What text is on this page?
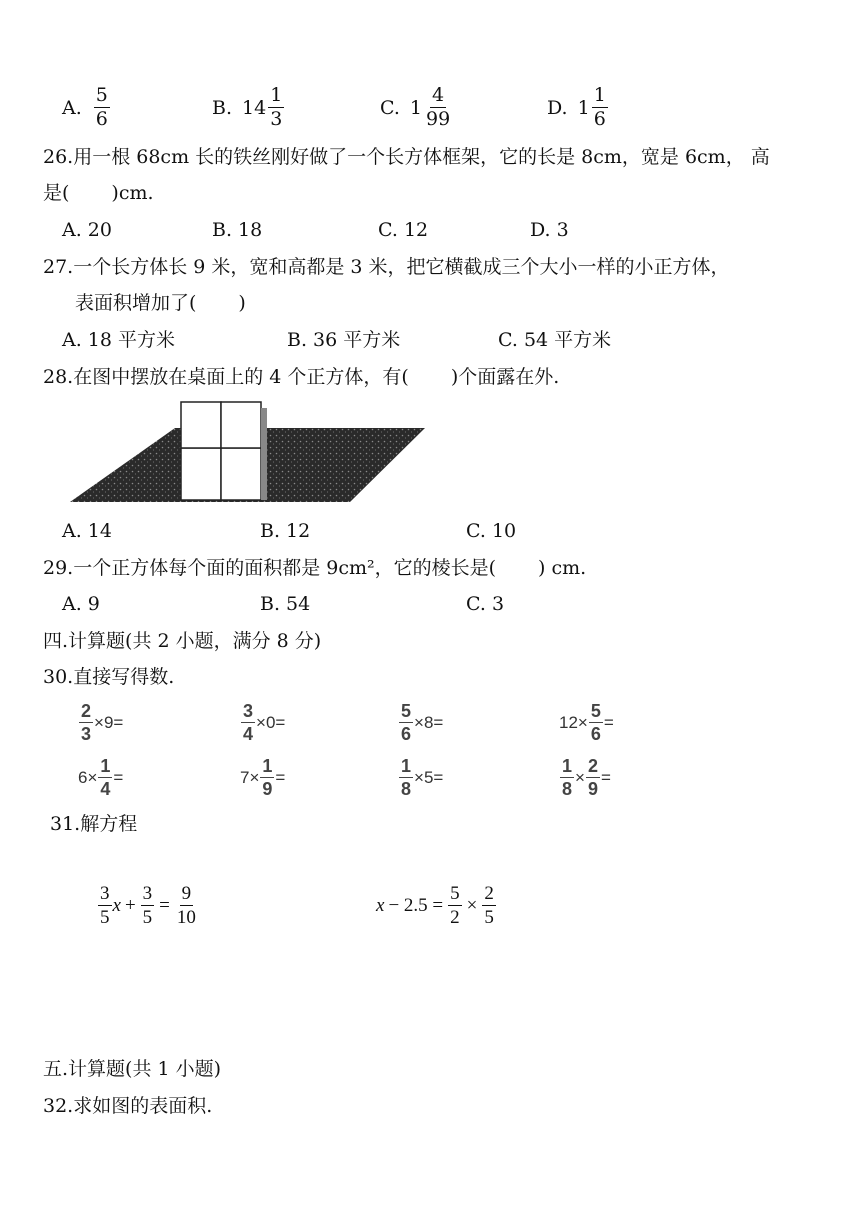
A. $\frac{5}{6}$	B. $14 \frac{1}{3}$	C. $1 \frac{4}{99}$	D. $1 \frac{1}{6}$
26.用一根 68cm 长的铁丝刚好做了一个长方体框架，它的长是 8cm，宽是 6cm， 高
是( )cm.
A. 20	B. 18	C. 12	D. 3
27.一个长方体长 9 米，宽和高都是 3 米，把它横截成三个大小一样的小正方体，
表面积增加了( )
A. 18 平方米	B. 36 平方米	C. 54 平方米
28.在图中摆放在桌面上的 4 个正方体，有( )个面露在外.
A. 14	B. 12	C. 10
29.一个正方体每个面的面积都是 9cm²，它的棱长是( ) cm.
A. 9	B. 54	C. 3
四.计算题(共 2 小题，满分 8 分)
30.直接写得数.
$\frac{2}{3} \times 9=$	$\frac{3}{4} \times 0=$	$\frac{5}{6} \times 8=$	$12\times \frac{5}{6}$ =
$6\times \frac{1}{4}$ =	$7\times \frac{1}{9}$ =	$\frac{1}{8} \times 5=$	$\frac{1}{8} \times \frac{2}{9}$ =
31.解方程
$\frac{3}{5}$ $x + \frac{3}{5} = \frac{9}{10}$	$x - 2.5 = \frac{5}{2} \times \frac{2}{5}$
五.计算题(共 1 小题)
32.求如图的表面积.
